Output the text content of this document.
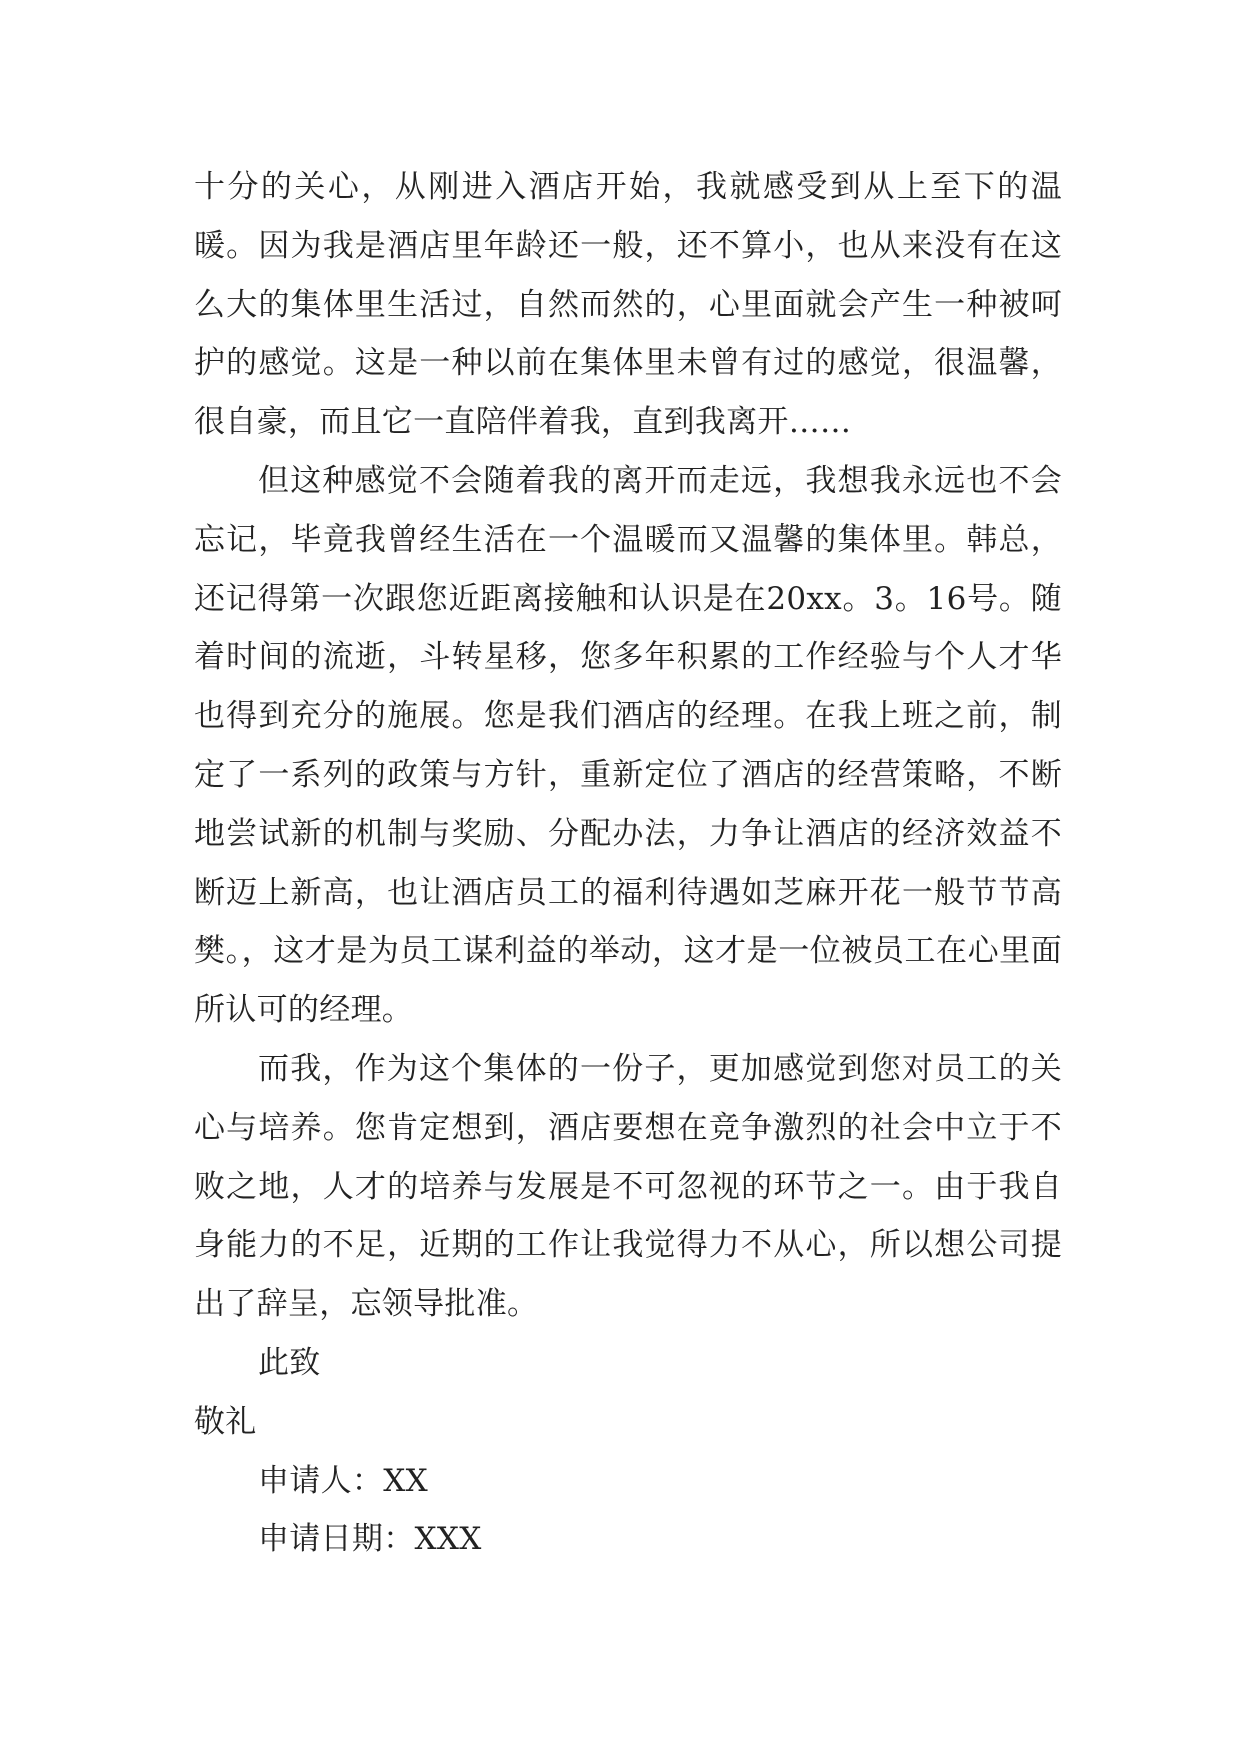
十分的关心，从刚进入酒店开始，我就感受到从上至下的温暖。因为我是酒店里年龄还一般，还不算小，也从来没有在这么大的集体里生活过，自然而然的，心里面就会产生一种被呵护的感觉。这是一种以前在集体里未曾有过的感觉，很温馨，很自豪，而且它一直陪伴着我，直到我离开……

但这种感觉不会随着我的离开而走远，我想我永远也不会忘记，毕竟我曾经生活在一个温暖而又温馨的集体里。韩总，还记得第一次跟您近距离接触和认识是在20xx。3。16号。随着时间的流逝，斗转星移，您多年积累的工作经验与个人才华也得到充分的施展。您是我们酒店的经理。在我上班之前，制定了一系列的政策与方针，重新定位了酒店的经营策略，不断地尝试新的机制与奖励、分配办法，力争让酒店的经济效益不断迈上新高，也让酒店员工的福利待遇如芝麻开花一般节节高樊。，这才是为员工谋利益的举动，这才是一位被员工在心里面所认可的经理。

而我，作为这个集体的一份子，更加感觉到您对员工的关心与培养。您肯定想到，酒店要想在竞争激烈的社会中立于不败之地，人才的培养与发展是不可忽视的环节之一。由于我自身能力的不足，近期的工作让我觉得力不从心，所以想公司提出了辞呈，忘领导批准。

此致
敬礼
申请人：XX
申请日期：XXX
